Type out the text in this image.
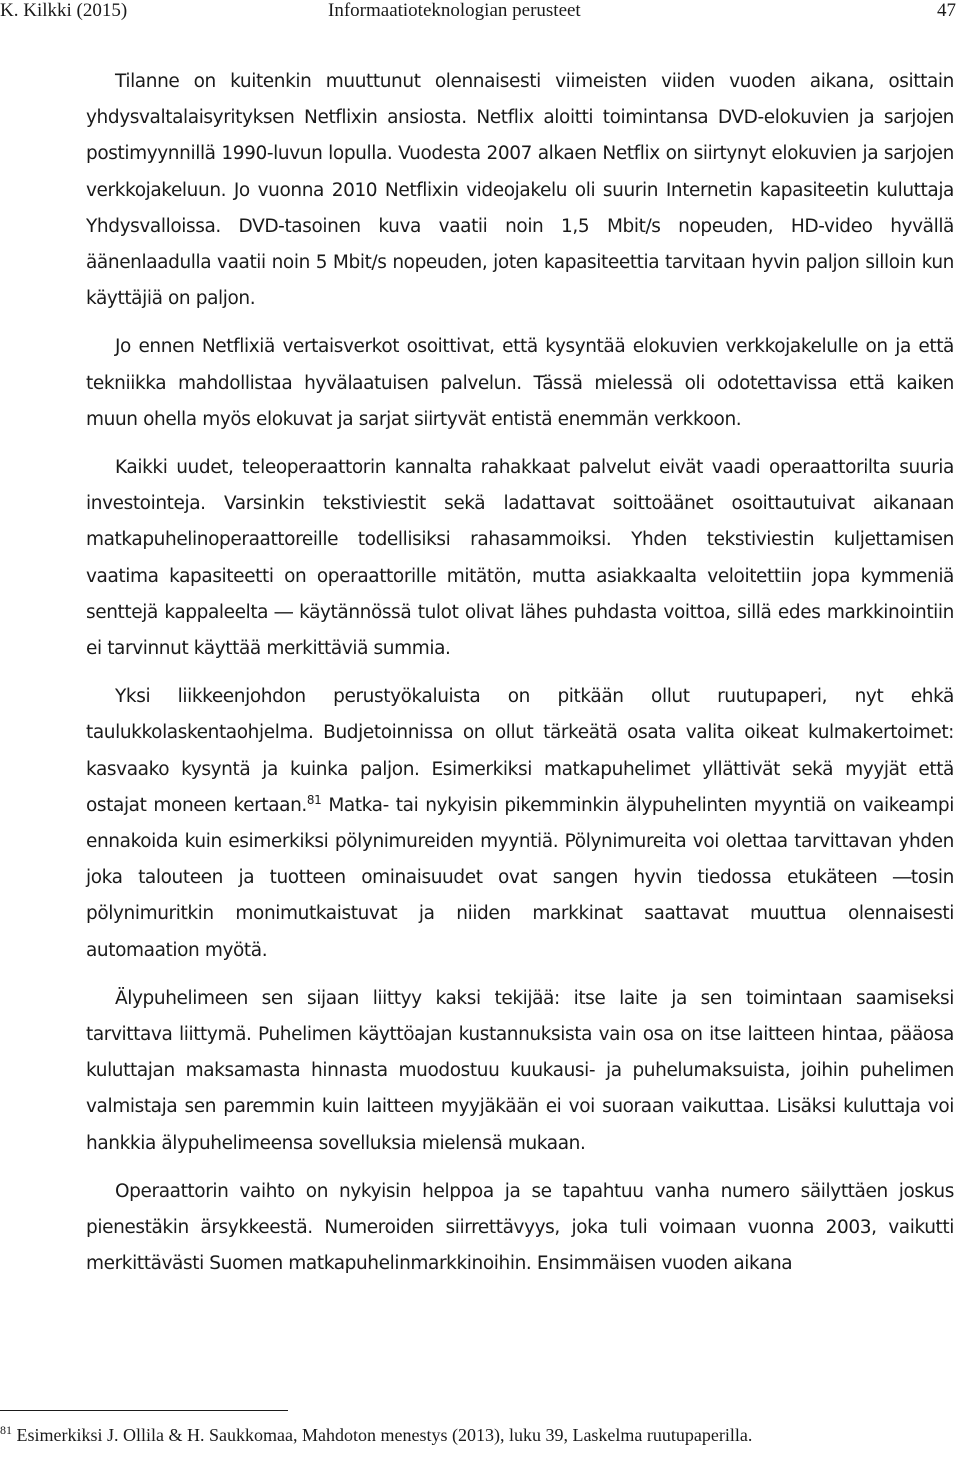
K. Kilkki (2015)	Informaatioteknologian perusteet	47

Tilanne on kuitenkin muuttunut olennaisesti viimeisten viiden vuoden aikana, osittain yhdysvaltalaisyrityksen Netflixin ansiosta. Netflix aloitti toimintansa DVD-elokuvien ja sarjojen postimyynnillä 1990-luvun lopulla. Vuodesta 2007 alkaen Netflix on siirtynyt elokuvien ja sarjojen verkkojakeluun. Jo vuonna 2010 Netflixin videojakelu oli suurin Internetin kapasiteetin kuluttaja Yhdysvalloissa. DVD-tasoinen kuva vaatii noin 1,5 Mbit/s nopeuden, HD-video hyvällä äänenlaadulla vaatii noin 5 Mbit/s nopeuden, joten kapasiteettia tarvitaan hyvin paljon silloin kun käyttäjiä on paljon.

Jo ennen Netflixiä vertaisverkot osoittivat, että kysyntää elokuvien verkkojakelulle on ja että tekniikka mahdollistaa hyvälaatuisen palvelun. Tässä mielessä oli odotettavissa että kaiken muun ohella myös elokuvat ja sarjat siirtyvät entistä enemmän verkkoon.

Kaikki uudet, teleoperaattorin kannalta rahakkaat palvelut eivät vaadi operaattorilta suuria investointeja. Varsinkin tekstiviestit sekä ladattavat soittoäänet osoittautuivat aikanaan matkapuhelinoperaattoreille todellisiksi rahasammoiksi. Yhden tekstiviestin kuljettamisen vaatima kapasiteetti on operaattorille mitätön, mutta asiakkaalta veloitettiin jopa kymmeniä senttejä kappaleelta ― käytännössä tulot olivat lähes puhdasta voittoa, sillä edes markkinointiin ei tarvinnut käyttää merkittäviä summia.

Yksi liikkeenjohdon perustyökaluista on pitkään ollut ruutupaperi, nyt ehkä taulukkolaskentaohjelma. Budjetoinnissa on ollut tärkeätä osata valita oikeat kulmakertoimet: kasvaako kysyntä ja kuinka paljon. Esimerkiksi matkapuhelimet yllättivät sekä myyjät että ostajat moneen kertaan.$^{81}$ Matka- tai nykyisin pikemminkin älypuhelinten myyntiä on vaikeampi ennakoida kuin esimerkiksi pölynimureiden myyntiä. Pölynimureita voi olettaa tarvittavan yhden joka talouteen ja tuotteen ominaisuudet ovat sangen hyvin tiedossa etukäteen ―tosin pölynimuritkin monimutkaistuvat ja niiden markkinat saattavat muuttua olennaisesti automaation myötä.

Älypuhelimeen sen sijaan liittyy kaksi tekijää: itse laite ja sen toimintaan saamiseksi tarvittava liittymä. Puhelimen käyttöajan kustannuksista vain osa on itse laitteen hintaa, pääosa kuluttajan maksamasta hinnasta muodostuu kuukausi- ja puhelumaksuista, joihin puhelimen valmistaja sen paremmin kuin laitteen myyjäkään ei voi suoraan vaikuttaa. Lisäksi kuluttaja voi hankkia älypuhelimeensa sovelluksia mielensä mukaan.

Operaattorin vaihto on nykyisin helppoa ja se tapahtuu vanha numero säilyttäen joskus pienestäkin ärsykkeestä. Numeroiden siirrettävyys, joka tuli voimaan vuonna 2003, vaikutti merkittävästi Suomen matkapuhelinmarkkinoihin. Ensimmäisen vuoden aikana

$^{81}$ Esimerkiksi J. Ollila & H. Saukkomaa, Mahdoton menestys (2013), luku 39, Laskelma ruutupaperilla.
